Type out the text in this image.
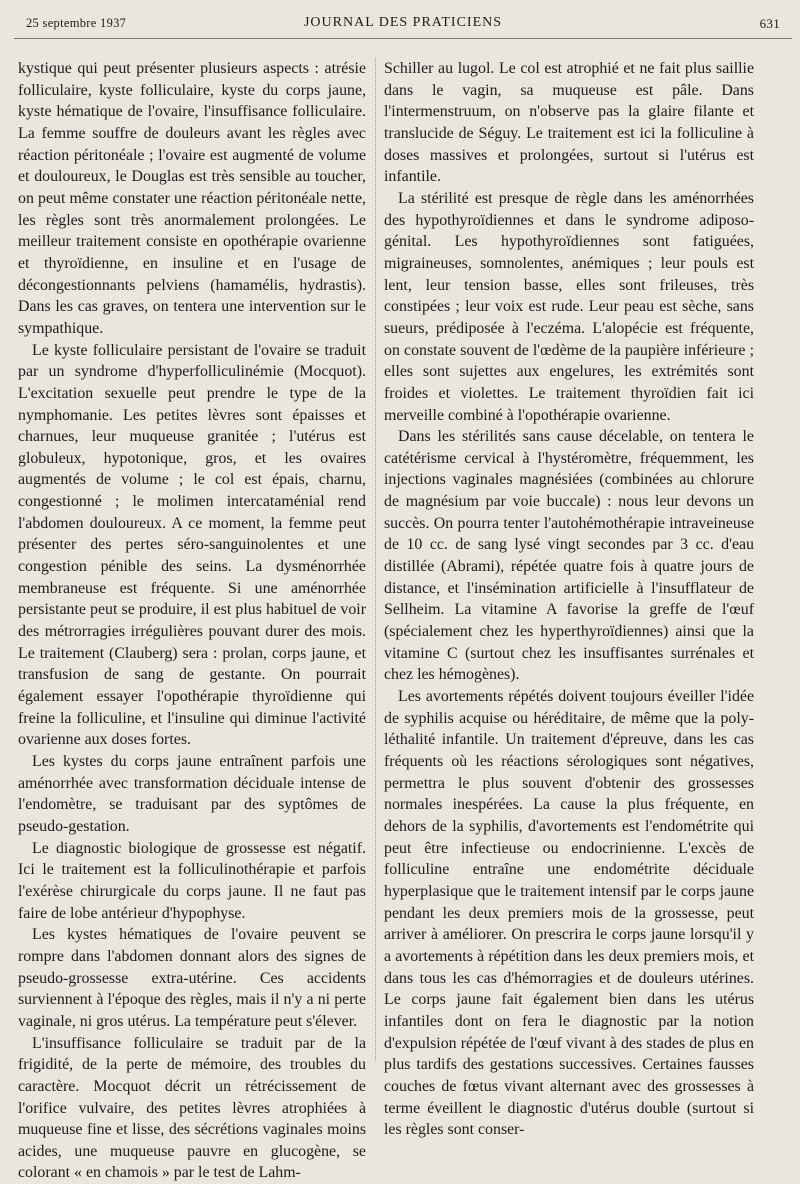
25 septembre 1937	JOURNAL DES PRATICIENS	631

kystique qui peut présenter plusieurs aspects : atrésie folliculaire, kyste folliculaire, kyste du corps jaune, kyste hématique de l'ovaire, l'insuffisance folliculaire. La femme souffre de douleurs avant les règles avec réaction péritonéale ; l'ovaire est augmenté de volume et douloureux, le Douglas est très sensible au toucher, on peut même constater une réaction péritonéale nette, les règles sont très anormalement prolongées. Le meilleur traitement consiste en opothérapie ovarienne et thyroïdienne, en insuline et en l'usage de décongestionnants pelviens (hamamélis, hydrastis). Dans les cas graves, on tentera une intervention sur le sympathique.

Le kyste folliculaire persistant de l'ovaire se traduit par un syndrome d'hyperfolliculinémie (Mocquot). L'excitation sexuelle peut prendre le type de la nymphomanie. Les petites lèvres sont épaisses et charnues, leur muqueuse granitée ; l'utérus est globuleux, hypotonique, gros, et les ovaires augmentés de volume ; le col est épais, charnu, congestionné ; le molimen intercataménial rend l'abdomen douloureux. A ce moment, la femme peut présenter des pertes séro-sanguinolentes et une congestion pénible des seins. La dysménorrhée membraneuse est fréquente. Si une aménorrhée persistante peut se produire, il est plus habituel de voir des métrorragies irrégulières pouvant durer des mois. Le traitement (Clauberg) sera : prolan, corps jaune, et transfusion de sang de gestante. On pourrait également essayer l'opothérapie thyroïdienne qui freine la folliculine, et l'insuline qui diminue l'activité ovarienne aux doses fortes.

Les kystes du corps jaune entraînent parfois une aménorrhée avec transformation déciduale intense de l'endomètre, se traduisant par des syptômes de pseudo-gestation.

Le diagnostic biologique de grossesse est négatif. Ici le traitement est la folliculinothérapie et parfois l'exérèse chirurgicale du corps jaune. Il ne faut pas faire de lobe antérieur d'hypophyse.

Les kystes hématiques de l'ovaire peuvent se rompre dans l'abdomen donnant alors des signes de pseudo-grossesse extra-utérine. Ces accidents surviennent à l'époque des règles, mais il n'y a ni perte vaginale, ni gros utérus. La température peut s'élever.

L'insuffisance folliculaire se traduit par de la frigidité, de la perte de mémoire, des troubles du caractère. Mocquot décrit un rétrécissement de l'orifice vulvaire, des petites lèvres atrophiées à muqueuse fine et lisse, des sécrétions vaginales moins acides, une muqueuse pauvre en glucogène, se colorant « en chamois » par le test de Lahm-

Schiller au lugol. Le col est atrophié et ne fait plus saillie dans le vagin, sa muqueuse est pâle. Dans l'intermenstruum, on n'observe pas la glaire filante et translucide de Séguy. Le traitement est ici la folliculine à doses massives et prolongées, surtout si l'utérus est infantile.

La stérilité est presque de règle dans les aménorrhées des hypothyroïdiennes et dans le syndrome adiposo-génital. Les hypothyroïdiennes sont fatiguées, migraineuses, somnolentes, anémiques ; leur pouls est lent, leur tension basse, elles sont frileuses, très constipées ; leur voix est rude. Leur peau est sèche, sans sueurs, prédiposée à l'eczéma. L'alopécie est fréquente, on constate souvent de l'œdème de la paupière inférieure ; elles sont sujettes aux engelures, les extrémités sont froides et violettes. Le traitement thyroïdien fait ici merveille combiné à l'opothérapie ovarienne.

Dans les stérilités sans cause décelable, on tentera le catétérisme cervical à l'hystéromètre, fréquemment, les injections vaginales magnésiées (combinées au chlorure de magnésium par voie buccale) : nous leur devons un succès. On pourra tenter l'autohémothérapie intraveineuse de 10 cc. de sang lysé vingt secondes par 3 cc. d'eau distillée (Abrami), répétée quatre fois à quatre jours de distance, et l'insémination artificielle à l'insufflateur de Sellheim. La vitamine A favorise la greffe de l'œuf (spécialement chez les hyperthyroïdiennes) ainsi que la vitamine C (surtout chez les insuffisantes surrénales et chez les hémogènes).

Les avortements répétés doivent toujours éveiller l'idée de syphilis acquise ou héréditaire, de même que la poly-léthalité infantile. Un traitement d'épreuve, dans les cas fréquents où les réactions sérologiques sont négatives, permettra le plus souvent d'obtenir des grossesses normales inespérées. La cause la plus fréquente, en dehors de la syphilis, d'avortements est l'endométrite qui peut être infectieuse ou endocrinienne. L'excès de folliculine entraîne une endométrite déciduale hyperplasique que le traitement intensif par le corps jaune pendant les deux premiers mois de la grossesse, peut arriver à améliorer. On prescrira le corps jaune lorsqu'il y a avortements à répétition dans les deux premiers mois, et dans tous les cas d'hémorragies et de douleurs utérines. Le corps jaune fait également bien dans les utérus infantiles dont on fera le diagnostic par la notion d'expulsion répétée de l'œuf vivant à des stades de plus en plus tardifs des gestations successives. Certaines fausses couches de fœtus vivant alternant avec des grossesses à terme éveillent le diagnostic d'utérus double (surtout si les règles sont conser-
